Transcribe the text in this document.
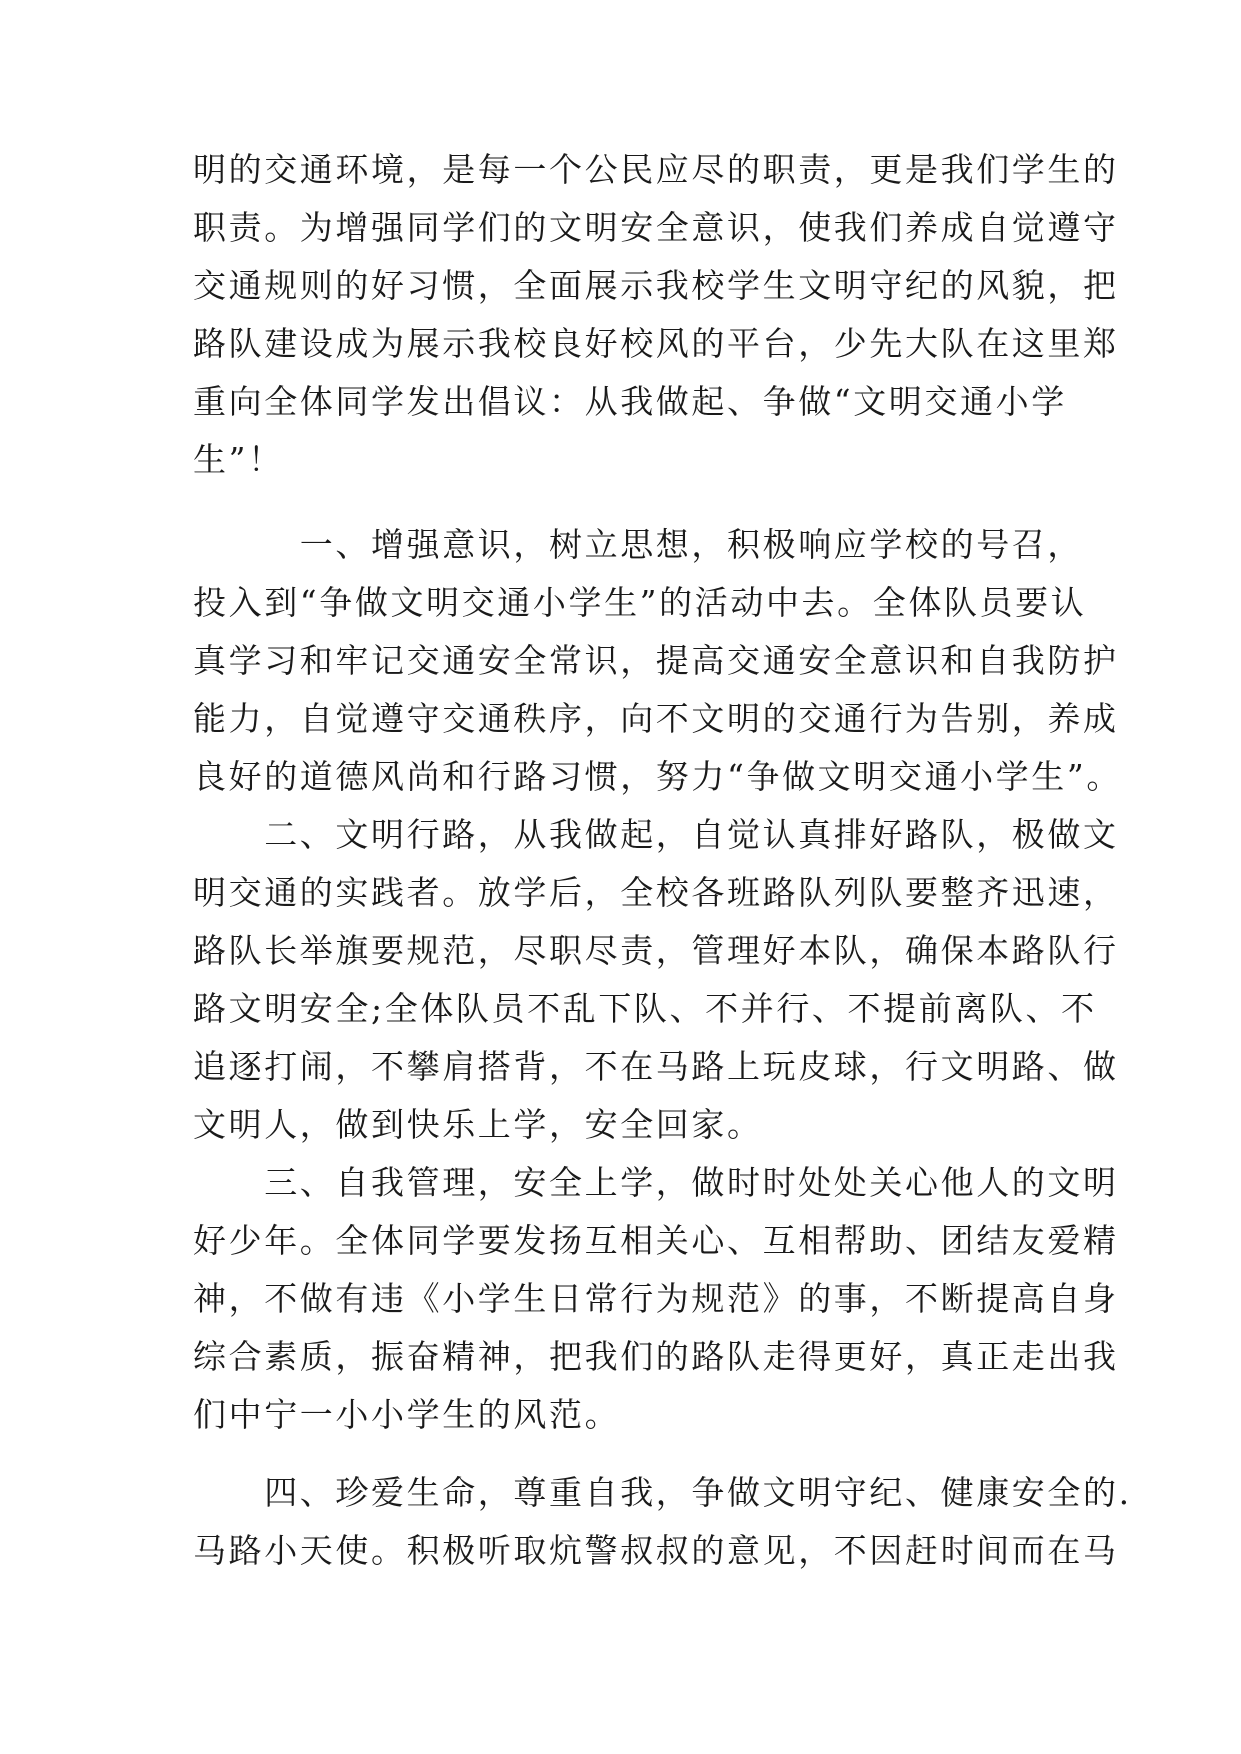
明的交通环境，是每一个公民应尽的职责，更是我们学生的
职责。为增强同学们的文明安全意识，使我们养成自觉遵守
交通规则的好习惯，全面展示我校学生文明守纪的风貌，把
路队建设成为展示我校良好校风的平台，少先大队在这里郑
重向全体同学发出倡议：从我做起、争做“文明交通小学
生”！
　　　一、增强意识，树立思想，积极响应学校的号召，
投入到“争做文明交通小学生”的活动中去。全体队员要认
真学习和牢记交通安全常识，提高交通安全意识和自我防护
能力，自觉遵守交通秩序，向不文明的交通行为告别，养成
良好的道德风尚和行路习惯，努力“争做文明交通小学生”。
　　二、文明行路，从我做起，自觉认真排好路队，极做文
明交通的实践者。放学后，全校各班路队列队要整齐迅速，
路队长举旗要规范，尽职尽责，管理好本队，确保本路队行
路文明安全;全体队员不乱下队、不并行、不提前离队、不
追逐打闹，不攀肩搭背，不在马路上玩皮球，行文明路、做
文明人，做到快乐上学，安全回家。
　　三、自我管理，安全上学，做时时处处关心他人的文明
好少年。全体同学要发扬互相关心、互相帮助、团结友爱精
神，不做有违《小学生日常行为规范》的事，不断提高自身
综合素质，振奋精神，把我们的路队走得更好，真正走出我
们中宁一小小学生的风范。
　　四、珍爱生命，尊重自我，争做文明守纪、健康安全的.
马路小天使。积极听取炕警叔叔的意见，不因赶时间而在马
